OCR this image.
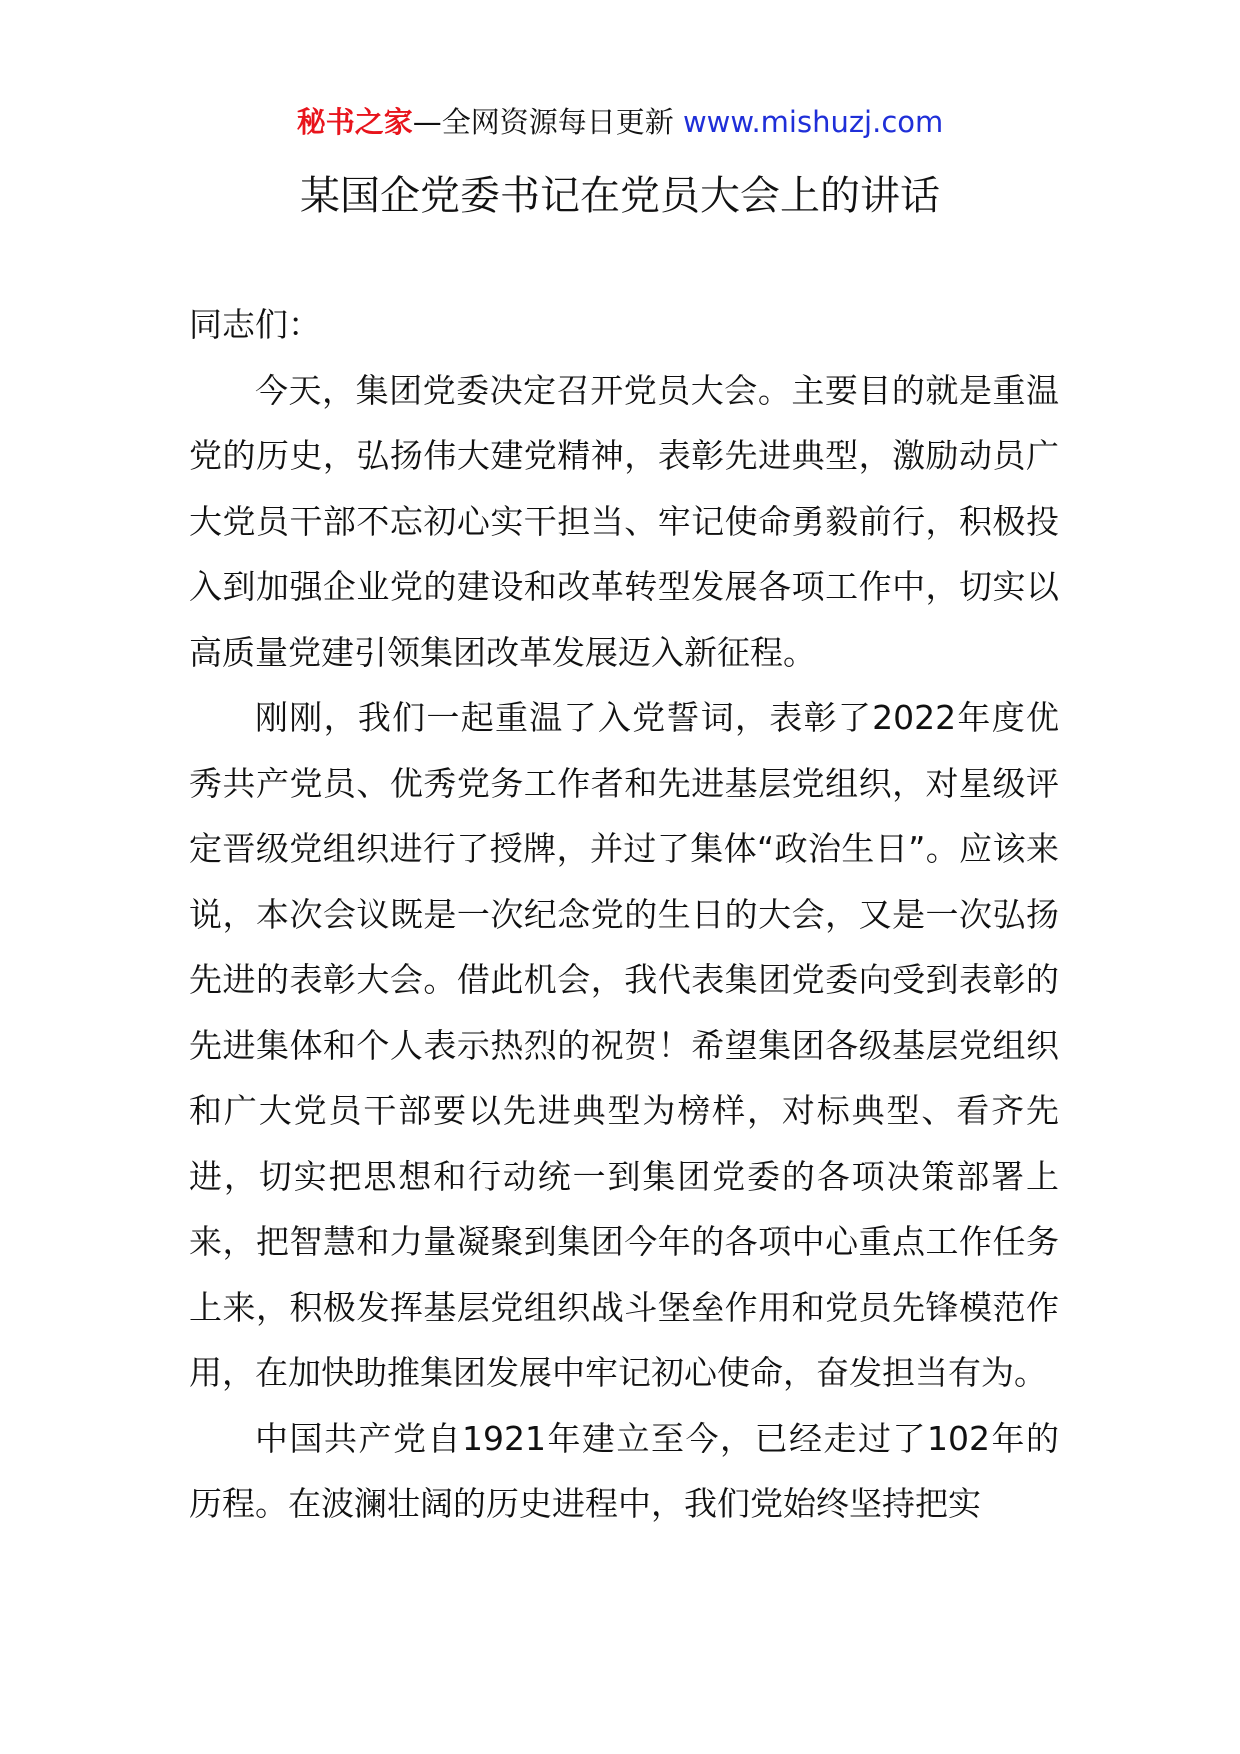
秘书之家—全网资源每日更新 www.mishuzj.com
某国企党委书记在党员大会上的讲话

同志们：

今天，集团党委决定召开党员大会。主要目的就是重温党的历史，弘扬伟大建党精神，表彰先进典型，激励动员广大党员干部不忘初心实干担当、牢记使命勇毅前行，积极投入到加强企业党的建设和改革转型发展各项工作中，切实以高质量党建引领集团改革发展迈入新征程。

刚刚，我们一起重温了入党誓词，表彰了2022年度优秀共产党员、优秀党务工作者和先进基层党组织，对星级评定晋级党组织进行了授牌，并过了集体“政治生日”。应该来说，本次会议既是一次纪念党的生日的大会，又是一次弘扬先进的表彰大会。借此机会，我代表集团党委向受到表彰的先进集体和个人表示热烈的祝贺！希望集团各级基层党组织和广大党员干部要以先进典型为榜样，对标典型、看齐先进，切实把思想和行动统一到集团党委的各项决策部署上来，把智慧和力量凝聚到集团今年的各项中心重点工作任务上来，积极发挥基层党组织战斗堡垒作用和党员先锋模范作用，在加快助推集团发展中牢记初心使命，奋发担当有为。

中国共产党自1921年建立至今，已经走过了102年的历程。在波澜壮阔的历史进程中，我们党始终坚持把实
